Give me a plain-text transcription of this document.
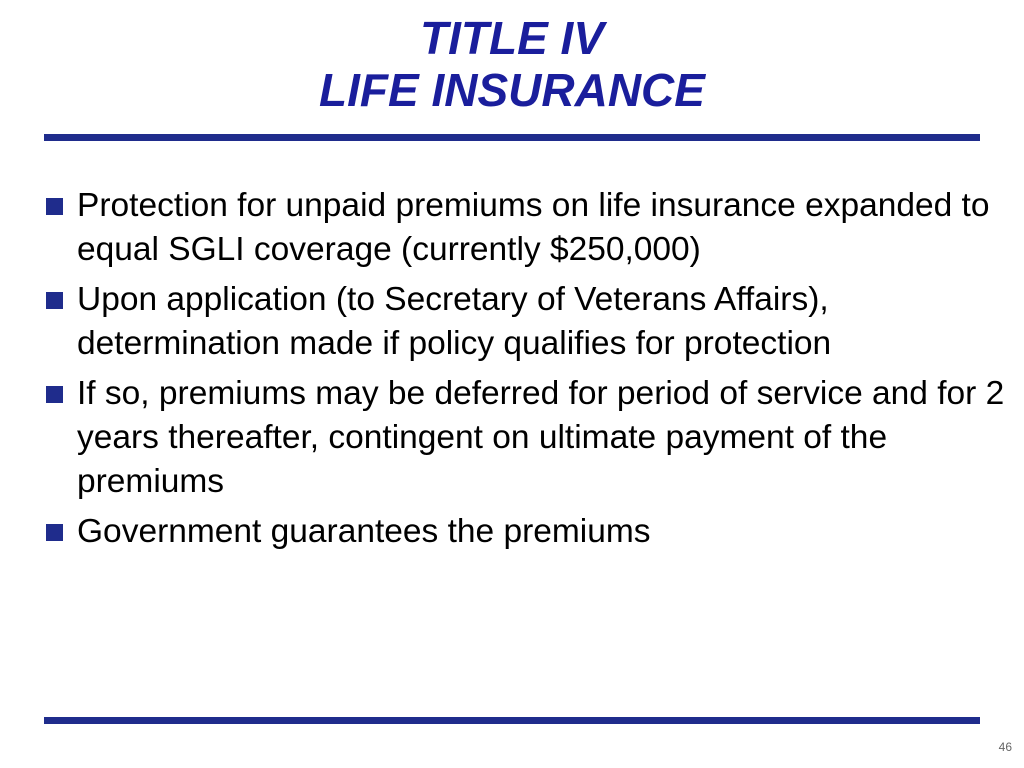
TITLE IV
LIFE INSURANCE
Protection for unpaid premiums on life insurance expanded to equal SGLI coverage (currently $250,000)
Upon application (to Secretary of Veterans Affairs), determination made if policy qualifies for protection
If so, premiums may be deferred for period of service and for 2 years thereafter, contingent on ultimate payment of the premiums
Government guarantees the premiums
46
